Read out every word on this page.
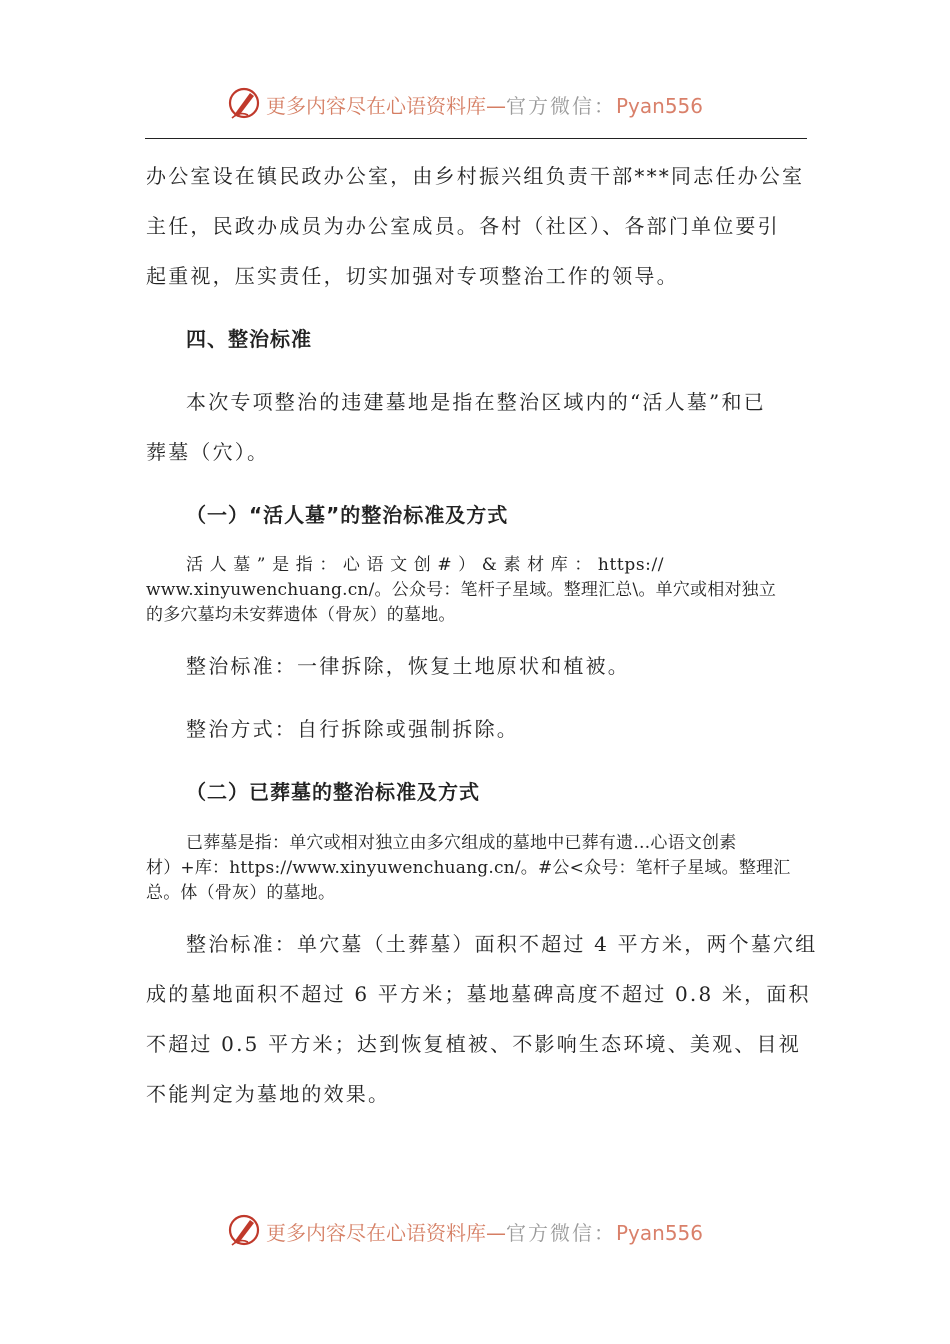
更多内容尽在心语资料库—官方微信：Pyan556
办公室设在镇民政办公室，由乡村振兴组负责干部***同志任办公室
主任，民政办成员为办公室成员。各村（社区）、各部门单位要引
起重视，压实责任，切实加强对专项整治工作的领导。
四、整治标准
本次专项整治的违建墓地是指在整治区域内的“活人墓”和已
葬墓（穴）。
（一）“活人墓”的整治标准及方式
活 人 墓 ” 是 指 ： 心 语 文 创 # ） & 素 材 库 ： https://
www.xinyuwenchuang.cn/。公众号：笔杆子星域。整理汇总\。单穴或相对独立
的多穴墓均未安葬遗体（骨灰）的墓地。
整治标准：一律拆除，恢复土地原状和植被。
整治方式：自行拆除或强制拆除。
（二）已葬墓的整治标准及方式
已葬墓是指：单穴或相对独立由多穴组成的墓地中已葬有遗…心语文创素
材）+库：https://www.xinyuwenchuang.cn/。#公<众号：笔杆子星域。整理汇
总。体（骨灰）的墓地。
整治标准：单穴墓（土葬墓）面积不超过 4 平方米，两个墓穴组
成的墓地面积不超过 6 平方米；墓地墓碑高度不超过 0.8 米，面积
不超过 0.5 平方米；达到恢复植被、不影响生态环境、美观、目视
不能判定为墓地的效果。
更多内容尽在心语资料库—官方微信：Pyan556
